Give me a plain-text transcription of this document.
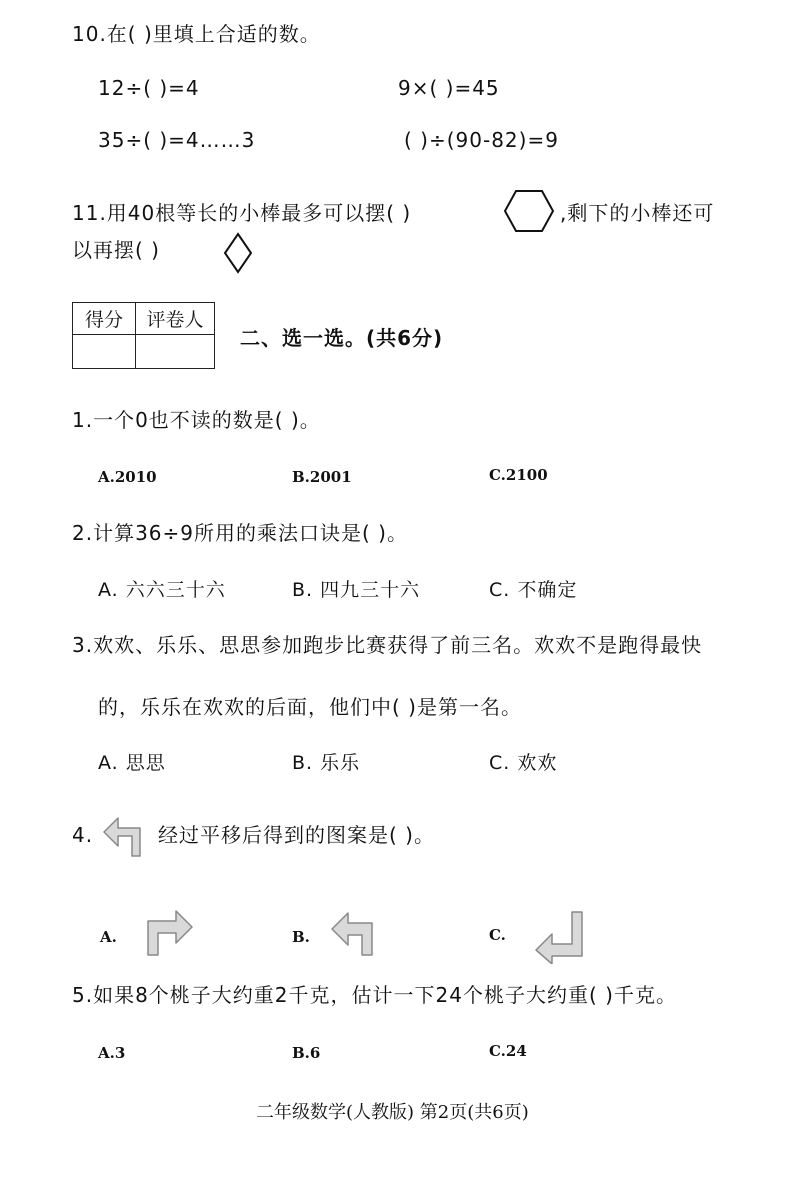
10.在( )里填上合适的数。
12÷( )=4	9×( )=45
35÷( )=4……3	( )÷(90-82)=9
11.用40根等长的小棒最多可以摆( )	,剩下的小棒还可
以再摆( )
得分	评卷人

二、选一选。(共6分)
1.一个0也不读的数是( )。
A.2010	B.2001	C.2100
2.计算36÷9所用的乘法口诀是( )。
A. 六六三十六	B. 四九三十六	C. 不确定
3.欢欢、乐乐、思思参加跑步比赛获得了前三名。欢欢不是跑得最快
的，乐乐在欢欢的后面，他们中( )是第一名。
A. 思思	B. 乐乐	C. 欢欢
4.	经过平移后得到的图案是( )。
A.	B.	C.
5.如果8个桃子大约重2千克，估计一下24个桃子大约重( )千克。
A.3	B.6	C.24
二年级数学(人教版) 第2页(共6页)
